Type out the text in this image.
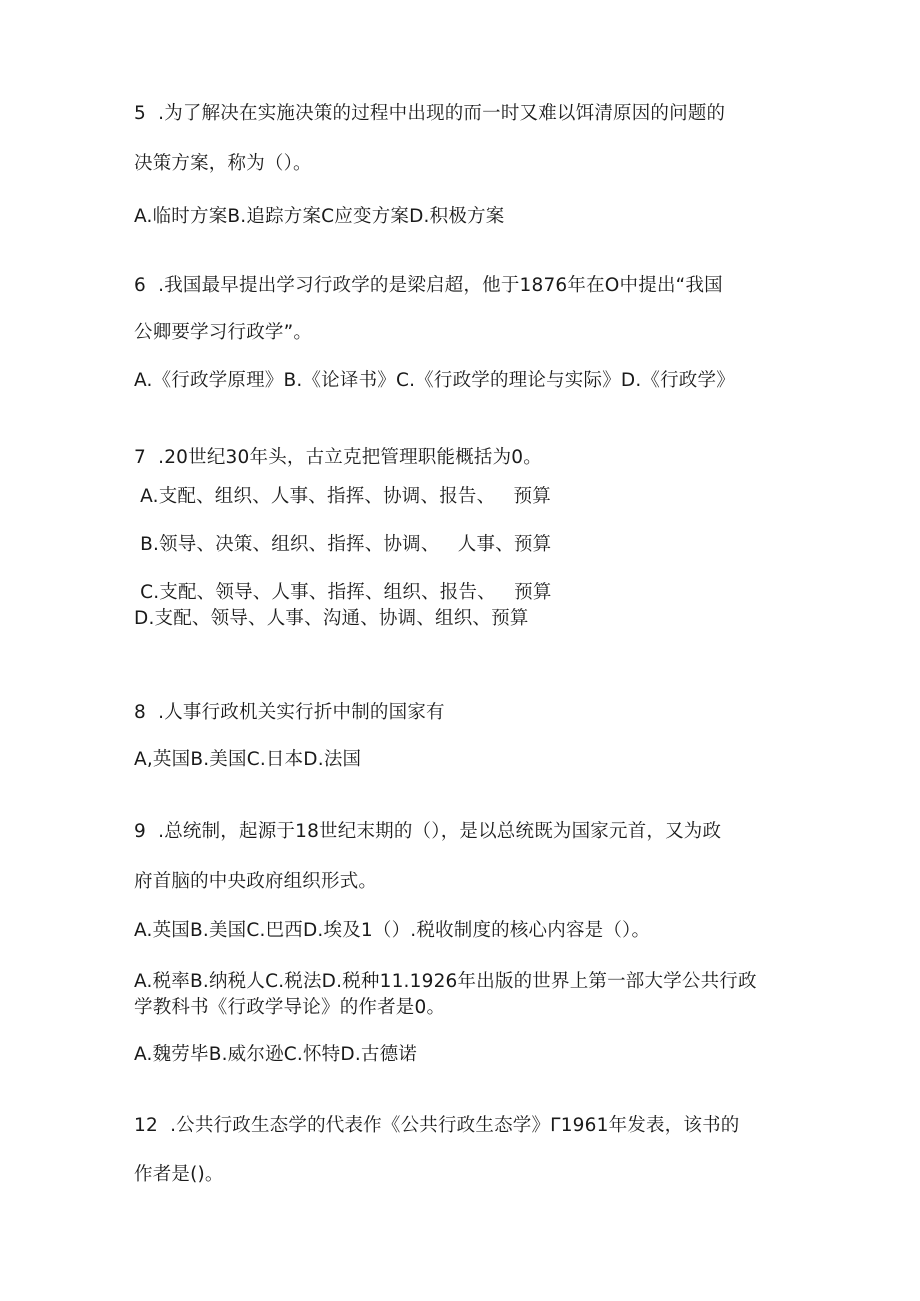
5  .为了解决在实施决策的过程中出现的而一时又难以饵清原因的问题的
决策方案，称为（）。
A.临时方案B.追踪方案C应变方案D.积极方案
6  .我国最早提出学习行政学的是梁启超，他于1876年在O中提出“我国
公卿要学习行政学”。
A.《行政学原理》B.《论译书》C.《行政学的理论与实际》D.《行政学》
7  .20世纪30年头，古立克把管理职能概括为0。
A.支配、组织、人事、指挥、协调、报告、   预算
B.领导、决策、组织、指挥、协调、   人事、预算
C.支配、领导、人事、指挥、组织、报告、   预算
D.支配、领导、人事、沟通、协调、组织、预算
8  .人事行政机关实行折中制的国家有
A,英国B.美国C.日本D.法国
9  .总统制，起源于18世纪末期的（），是以总统既为国家元首，又为政
府首脑的中央政府组织形式。
A.英国B.美国C.巴西D.埃及1（）.税收制度的核心内容是（）。
A.税率B.纳税人C.税法D.税种11.1926年出版的世界上第一部大学公共行政
学教科书《行政学导论》的作者是0。
A.魏劳毕B.威尔逊C.怀特D.古德诺
12  .公共行政生态学的代表作《公共行政生态学》Γ1961年发表，该书的
作者是()。
